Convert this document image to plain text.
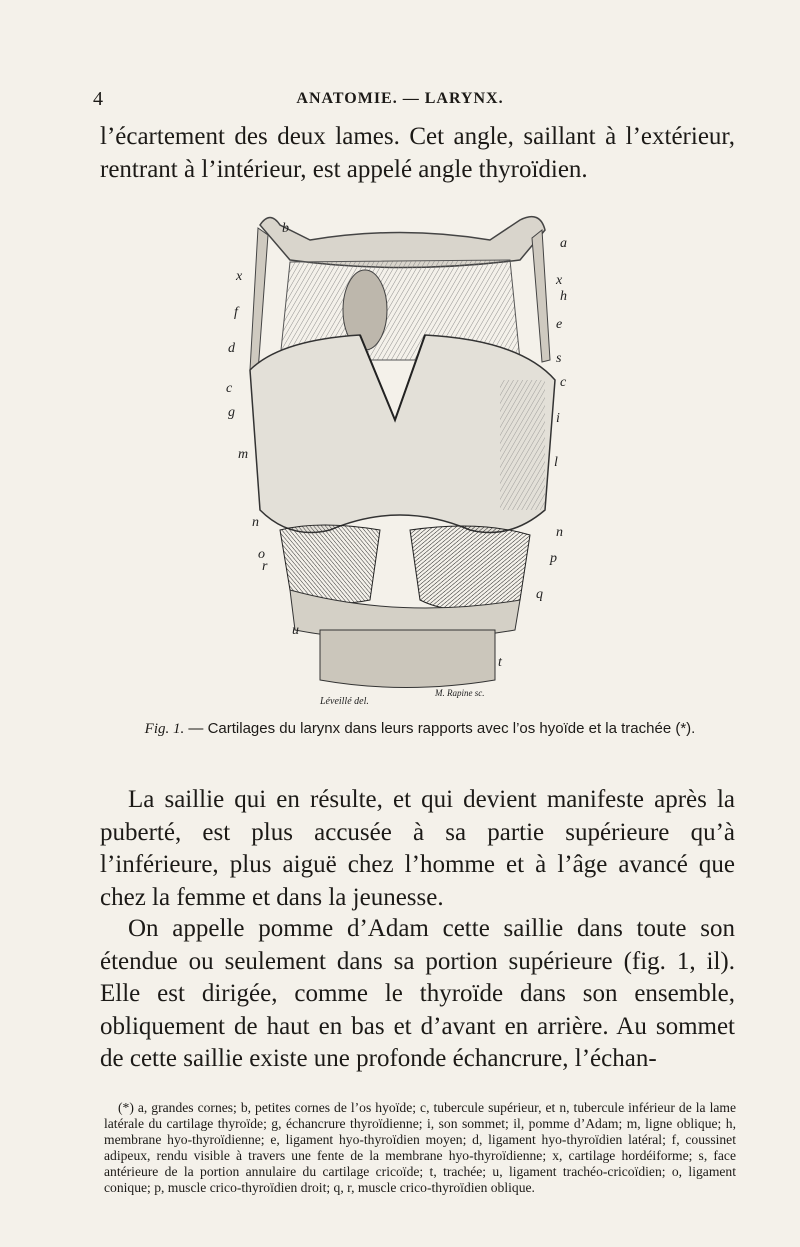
4	ANATOMIE. — LARYNX.
l’écartement des deux lames. Cet angle, saillant à l’extérieur, rentrant à l’intérieur, est appelé angle thyroïdien.
b
x
f
d
c
g
m
n
o
r
u
a
x
h
e
s
c
i
l
n
p
q
t
Léveillé del.
M. Rapine sc.
Fig. 1. — Cartilages du larynx dans leurs rapports avec l’os hyoïde et la trachée (*).
La saillie qui en résulte, et qui devient manifeste après la puberté, est plus accusée à sa partie supérieure qu’à l’inférieure, plus aiguë chez l’homme et à l’âge avancé que chez la femme et dans la jeunesse.
On appelle pomme d’Adam cette saillie dans toute son étendue ou seulement dans sa portion supérieure (fig. 1, il). Elle est dirigée, comme le thyroïde dans son ensemble, obliquement de haut en bas et d’avant en arrière. Au sommet de cette saillie existe une profonde échancrure, l’échan-
(*) a, grandes cornes; b, petites cornes de l’os hyoïde; c, tubercule supérieur, et n, tubercule inférieur de la lame latérale du cartilage thyroïde; g, échancrure thyroïdienne; i, son sommet; il, pomme d’Adam; m, ligne oblique; h, membrane hyo-thyroïdienne; e, ligament hyo-thyroïdien moyen; d, ligament hyo-thyroïdien latéral; f, coussinet adipeux, rendu visible à travers une fente de la membrane hyo-thyroïdienne; x, cartilage hordéiforme; s, face antérieure de la portion annulaire du cartilage cricoïde; t, trachée; u, ligament trachéo-cricoïdien; o, ligament conique; p, muscle crico-thyroïdien droit; q, r, muscle crico-thyroïdien oblique.
